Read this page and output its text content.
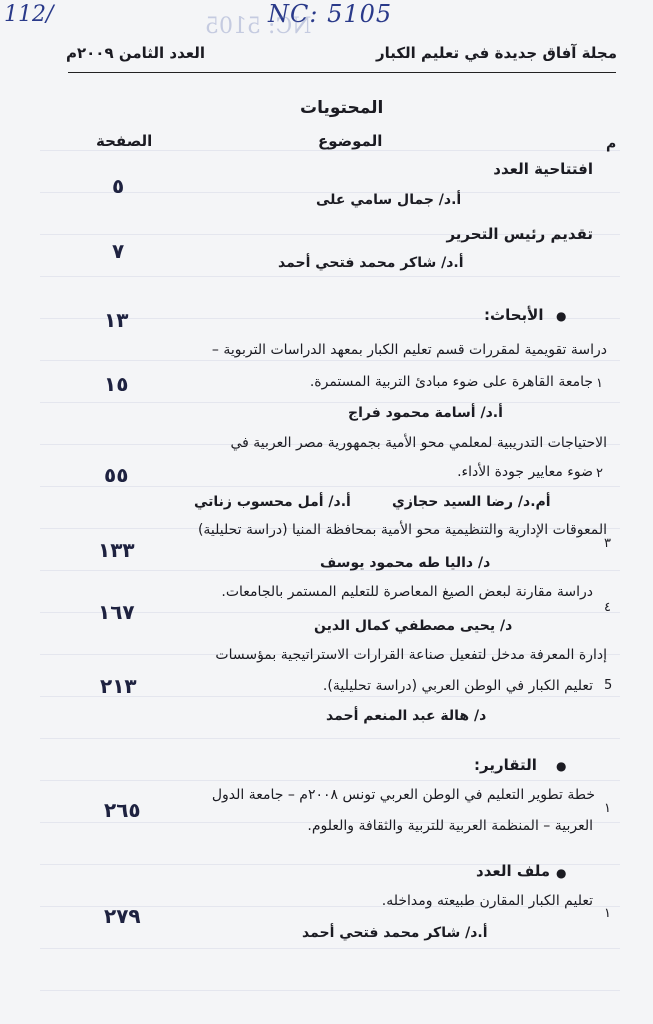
112/	NC: 5105
NC: 5105
مجلة آفاق جديدة في تعليم الكبار
العدد الثامن ٢٠٠٩م
المحتويات
م
الموضوع
الصفحة
افتتاحية العدد
أ.د/ جمال سامي على
٥
تقديم رئيس التحرير
أ.د/ شاكر محمد فتحي أحمد
٧
●
الأبحاث:
١٣
دراسة تقويمية لمقررات قسم تعليم الكبار بمعهد الدراسات التربوية –
١
جامعة القاهرة على ضوء مبادئ التربية المستمرة.
أ.د/ أسامة محمود فراج
١٥
الاحتياجات التدريبية لمعلمي محو الأمية بجمهورية مصر العربية في
٢
ضوء معايير جودة الأداء.
أم.د/ رضا السيد حجازي
أ.د/ أمل محسوب زناتي
٥٥
المعوقات الإدارية والتنظيمية محو الأمية بمحافظة المنيا (دراسة تحليلية)
٣
د/ داليا طه محمود يوسف
١٣٣
٤
دراسة مقارنة لبعض الصيغ المعاصرة للتعليم المستمر بالجامعات.
د/ يحيى مصطفي كمال الدين
١٦٧
إدارة المعرفة مدخل لتفعيل صناعة القرارات الاستراتيجية بمؤسسات
5
تعليم الكبار في الوطن العربي (دراسة تحليلية).
د/ هالة عبد المنعم أحمد
٢١٣
●
التقارير:
خطة تطوير التعليم في الوطن العربي تونس ٢٠٠٨م – جامعة الدول
١
العربية – المنظمة العربية للتربية والثقافة والعلوم.
٢٦٥
●
ملف العدد
تعليم الكبار المقارن طبيعته ومداخله.
١
أ.د/ شاكر محمد فتحي أحمد
٢٧٩
